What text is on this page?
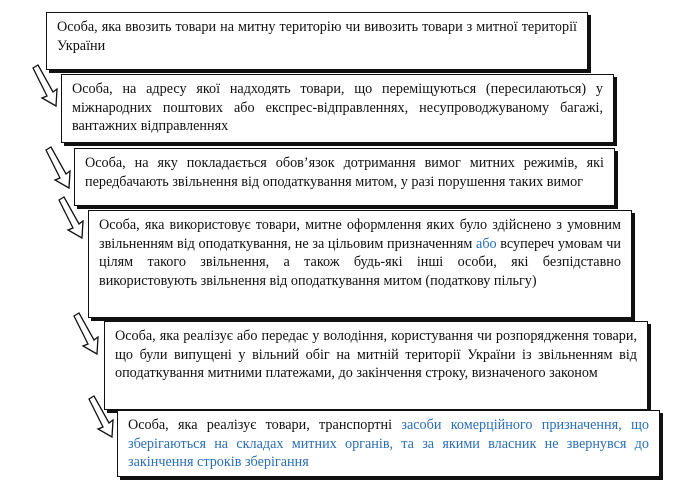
Особа, яка ввозить товари на митну територію чи вивозить товари з митної території України
Особа, на адресу якої надходять товари, що переміщуються (пересилаються) у міжнародних поштових або експрес-відправленнях, несупроводжуваному багажі, вантажних відправленнях
Особа, на яку покладається обов’язок дотримання вимог митних режимів, які передбачають звільнення від оподаткування митом, у разі порушення таких вимог
Особа, яка використовує товари, митне оформлення яких було здійснено з умовним звільненням від оподаткування, не за цільовим призначенням або всупереч умовам чи цілям такого звільнення, а також будь-які інші особи, які безпідставно використовують звільнення від оподаткування митом (податкову пільгу)
Особа, яка реалізує або передає у володіння, користування чи розпорядження товари, що були випущені у вільний обіг на митній території України із звільненням від оподаткування митними платежами, до закінчення строку, визначеного законом
Особа, яка реалізує товари, транспортні засоби комерційного призначення, що зберігаються на складах митних органів, та за якими власник не звернувся до закінчення строків зберігання
